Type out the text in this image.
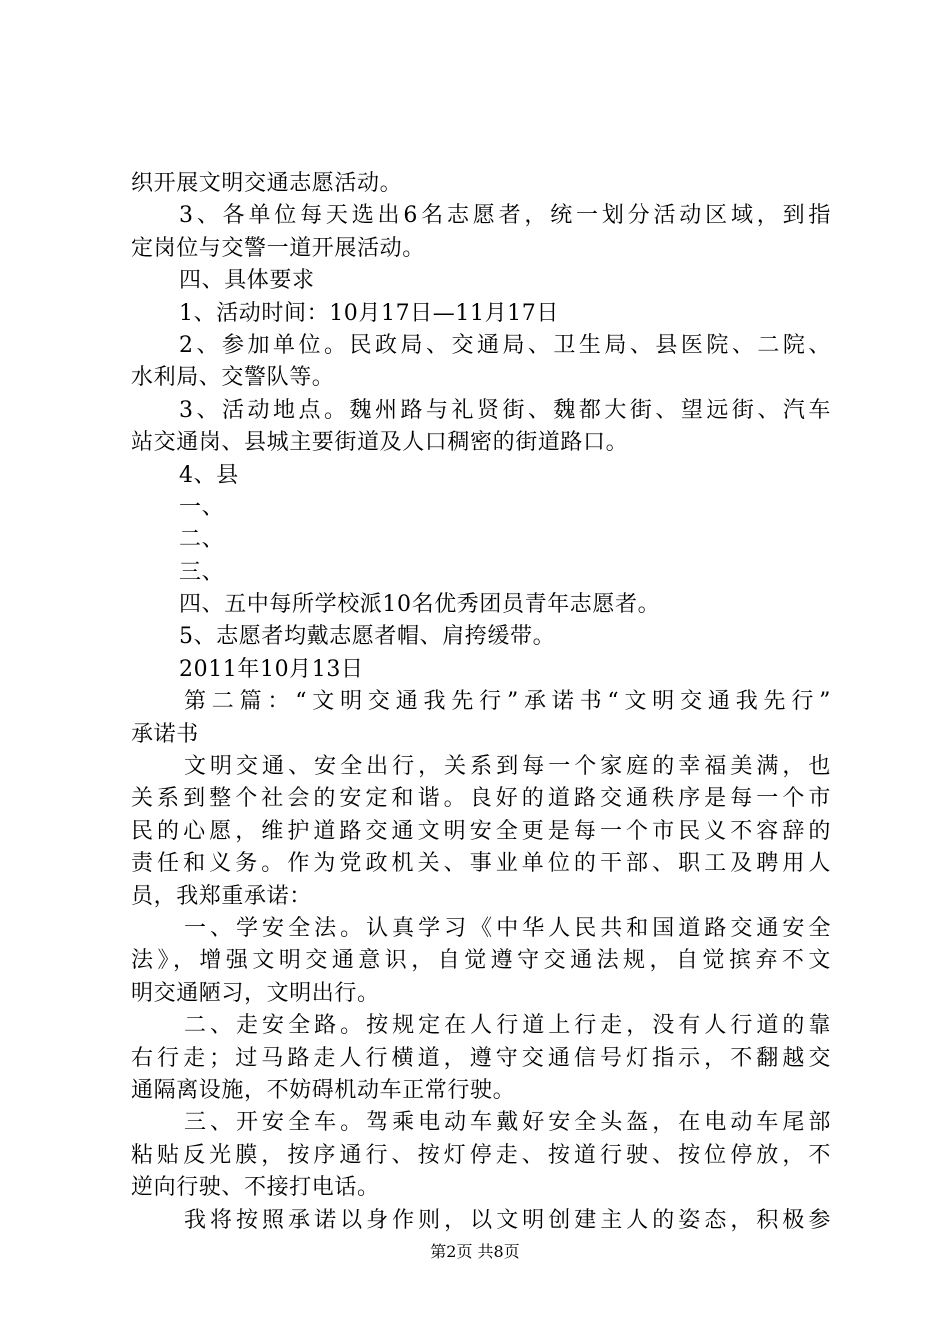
织开展文明交通志愿活动。
3、各单位每天选出6名志愿者，统一划分活动区域，到指
定岗位与交警一道开展活动。
四、具体要求
1、活动时间：10月17日—11月17日
2、参加单位。民政局、交通局、卫生局、县医院、二院、
水利局、交警队等。
3、活动地点。魏州路与礼贤街、魏都大街、望远街、汽车
站交通岗、县城主要街道及人口稠密的街道路口。
4、县
一、
二、
三、
四、五中每所学校派10名优秀团员青年志愿者。
5、志愿者均戴志愿者帽、肩挎缓带。
2011年10月13日
第二篇：“文明交通我先行”承诺书“文明交通我先行”
承诺书
文明交通、安全出行，关系到每一个家庭的幸福美满，也
关系到整个社会的安定和谐。良好的道路交通秩序是每一个市
民的心愿，维护道路交通文明安全更是每一个市民义不容辞的
责任和义务。作为党政机关、事业单位的干部、职工及聘用人
员，我郑重承诺：
一、学安全法。认真学习《中华人民共和国道路交通安全
法》，增强文明交通意识，自觉遵守交通法规，自觉摈弃不文
明交通陋习，文明出行。
二、走安全路。按规定在人行道上行走，没有人行道的靠
右行走；过马路走人行横道，遵守交通信号灯指示，不翻越交
通隔离设施，不妨碍机动车正常行驶。
三、开安全车。驾乘电动车戴好安全头盔，在电动车尾部
粘贴反光膜，按序通行、按灯停走、按道行驶、按位停放，不
逆向行驶、不接打电话。
我将按照承诺以身作则，以文明创建主人的姿态，积极参
第2页 共8页
